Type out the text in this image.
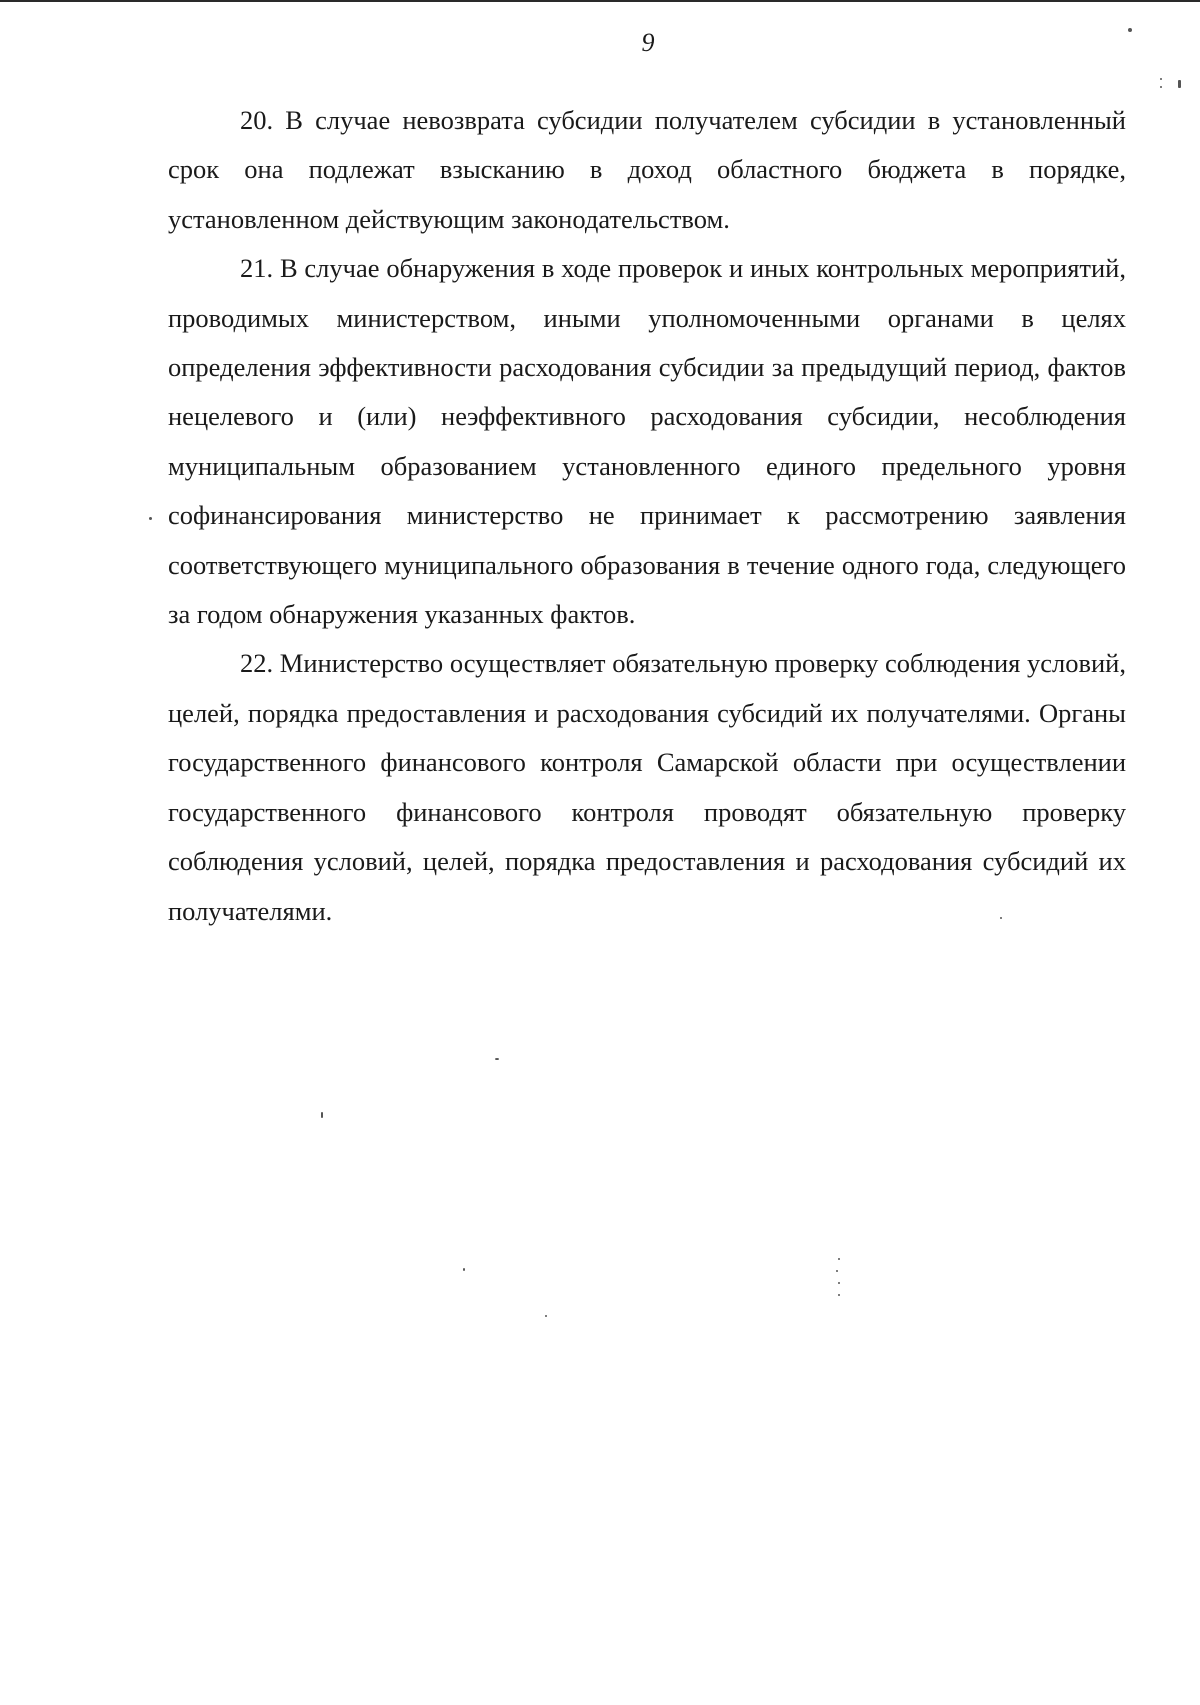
9

20. В случае невозврата субсидии получателем субсидии в установленный срок она подлежат взысканию в доход областного бюджета в порядке, установленном действующим законодательством.

21. В случае обнаружения в ходе проверок и иных контрольных мероприятий, проводимых министерством, иными уполномоченными органами в целях определения эффективности расходования субсидии за предыдущий период, фактов нецелевого и (или) неэффективного расходования субсидии, несоблюдения муниципальным образованием установленного единого предельного уровня софинансирования министерство не принимает к рассмотрению заявления соответствующего муниципального образования в течение одного года, следующего за годом обнаружения указанных фактов.

22. Министерство осуществляет обязательную проверку соблюдения условий, целей, порядка предоставления и расходования субсидий их получателями. Органы государственного финансового контроля Самарской области при осуществлении государственного финансового контроля проводят обязательную проверку соблюдения условий, целей, порядка предоставления и расходования субсидий их получателями.
